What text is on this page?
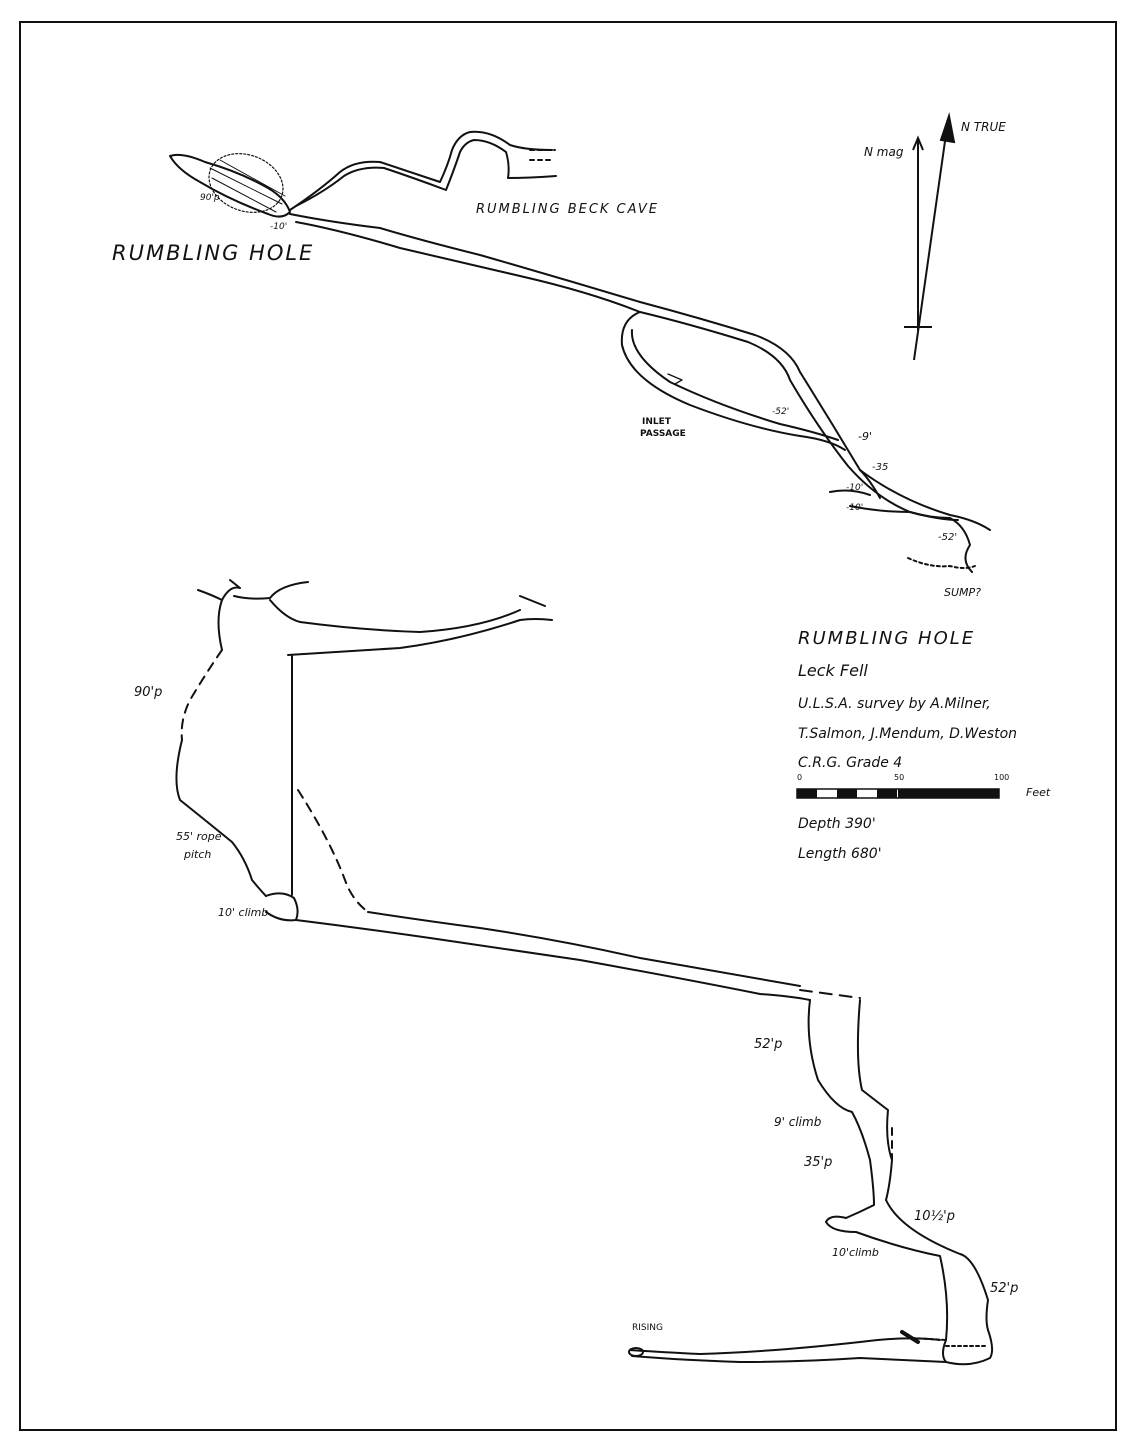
RUMBLING HOLE
RUMBLING BECK CAVE
INLET
PASSAGE
SUMP?
90'p
-10'
-52'
-9'
-35
-10'
-10'
-52'
N mag
N TRUE
90'p
55' rope
pitch
10' climb
52'p
9' climb
35'p
10½'p
10'climb
52'p
RISING
RUMBLING HOLE
Leck Fell
U.L.S.A. survey by A.Milner,
T.Salmon, J.Mendum, D.Weston
C.R.G. Grade 4
0	50	100
Feet
Depth 390'
Length 680'
